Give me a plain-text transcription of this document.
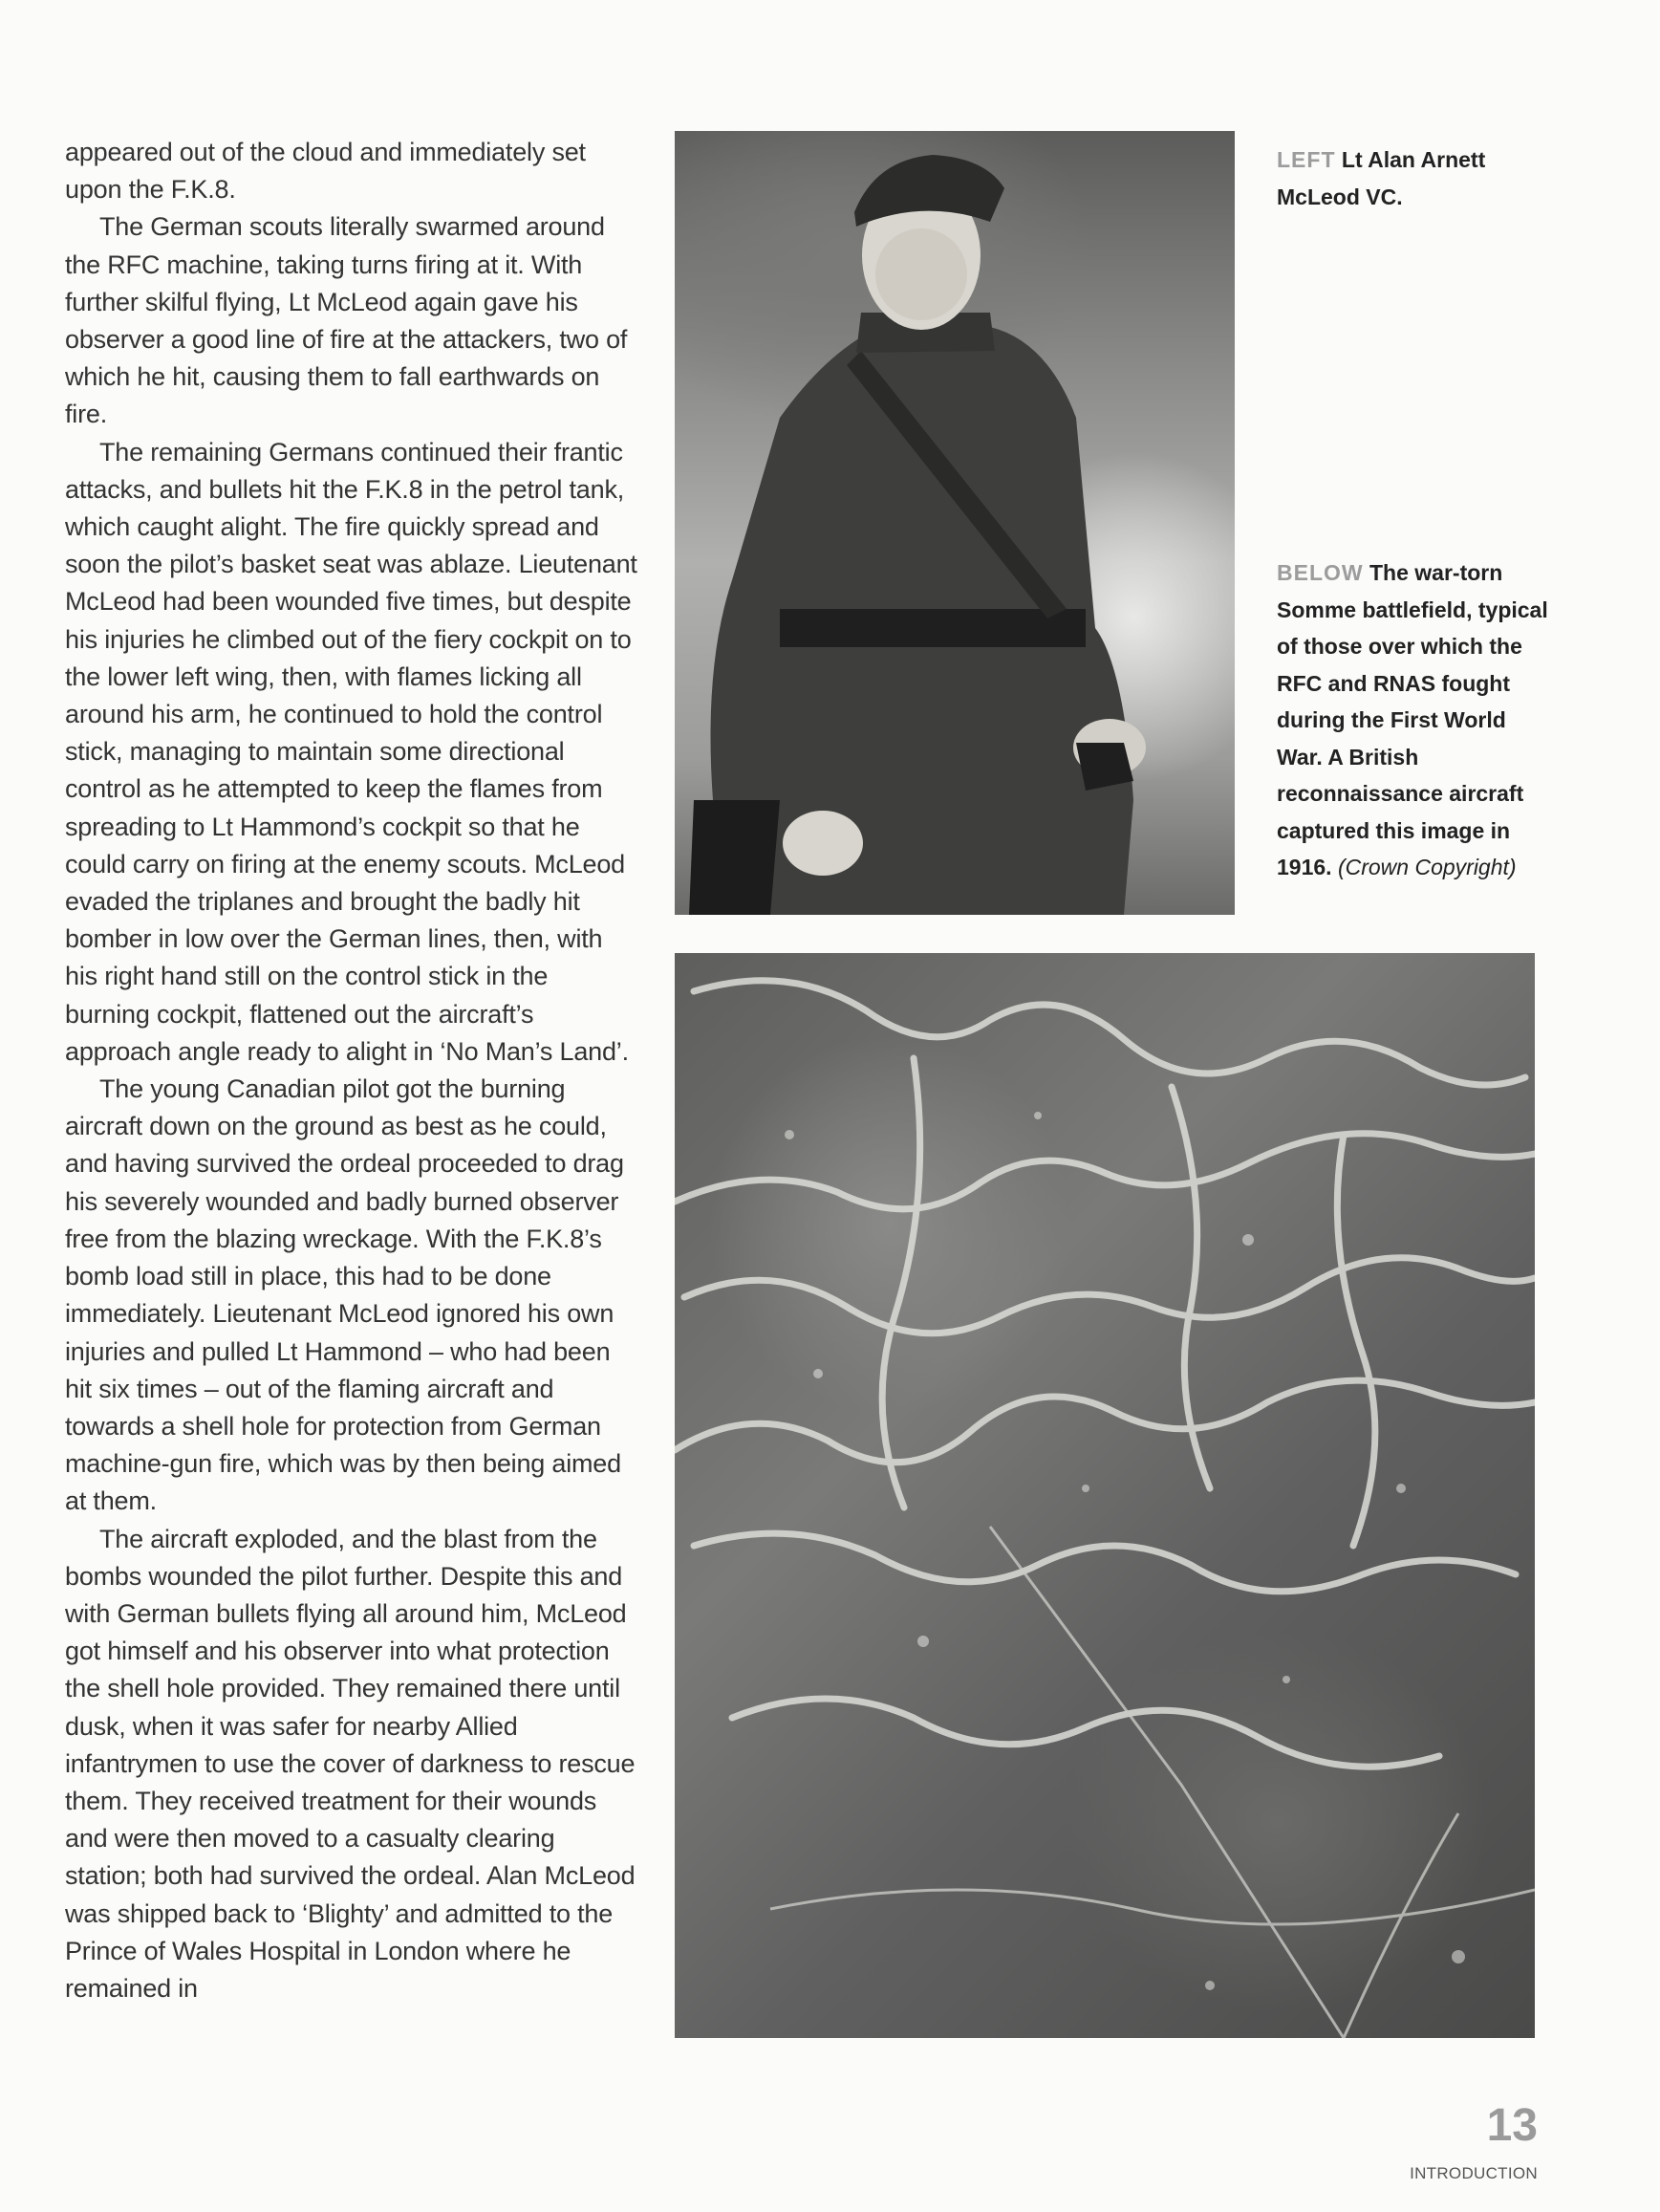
appeared out of the cloud and immediately set upon the F.K.8.

The German scouts literally swarmed around the RFC machine, taking turns firing at it. With further skilful flying, Lt McLeod again gave his observer a good line of fire at the attackers, two of which he hit, causing them to fall earthwards on fire.

The remaining Germans continued their frantic attacks, and bullets hit the F.K.8 in the petrol tank, which caught alight. The fire quickly spread and soon the pilot’s basket seat was ablaze. Lieutenant McLeod had been wounded five times, but despite his injuries he climbed out of the fiery cockpit on to the lower left wing, then, with flames licking all around his arm, he continued to hold the control stick, managing to maintain some directional control as he attempted to keep the flames from spreading to Lt Hammond’s cockpit so that he could carry on firing at the enemy scouts. McLeod evaded the triplanes and brought the badly hit bomber in low over the German lines, then, with his right hand still on the control stick in the burning cockpit, flattened out the aircraft’s approach angle ready to alight in ‘No Man’s Land’.

The young Canadian pilot got the burning aircraft down on the ground as best as he could, and having survived the ordeal proceeded to drag his severely wounded and badly burned observer free from the blazing wreckage. With the F.K.8’s bomb load still in place, this had to be done immediately. Lieutenant McLeod ignored his own injuries and pulled Lt Hammond – who had been hit six times – out of the flaming aircraft and towards a shell hole for protection from German machine-gun fire, which was by then being aimed at them.

The aircraft exploded, and the blast from the bombs wounded the pilot further. Despite this and with German bullets flying all around him, McLeod got himself and his observer into what protection the shell hole provided. They remained there until dusk, when it was safer for nearby Allied infantrymen to use the cover of darkness to rescue them. They received treatment for their wounds and were then moved to a casualty clearing station; both had survived the ordeal. Alan McLeod was shipped back to ‘Blighty’ and admitted to the Prince of Wales Hospital in London where he remained in

LEFT Lt Alan Arnett McLeod VC.
BELOW The war-torn Somme battlefield, typical of those over which the RFC and RNAS fought during the First World War. A British reconnaissance aircraft captured this image in 1916. (Crown Copyright)
13
INTRODUCTION
